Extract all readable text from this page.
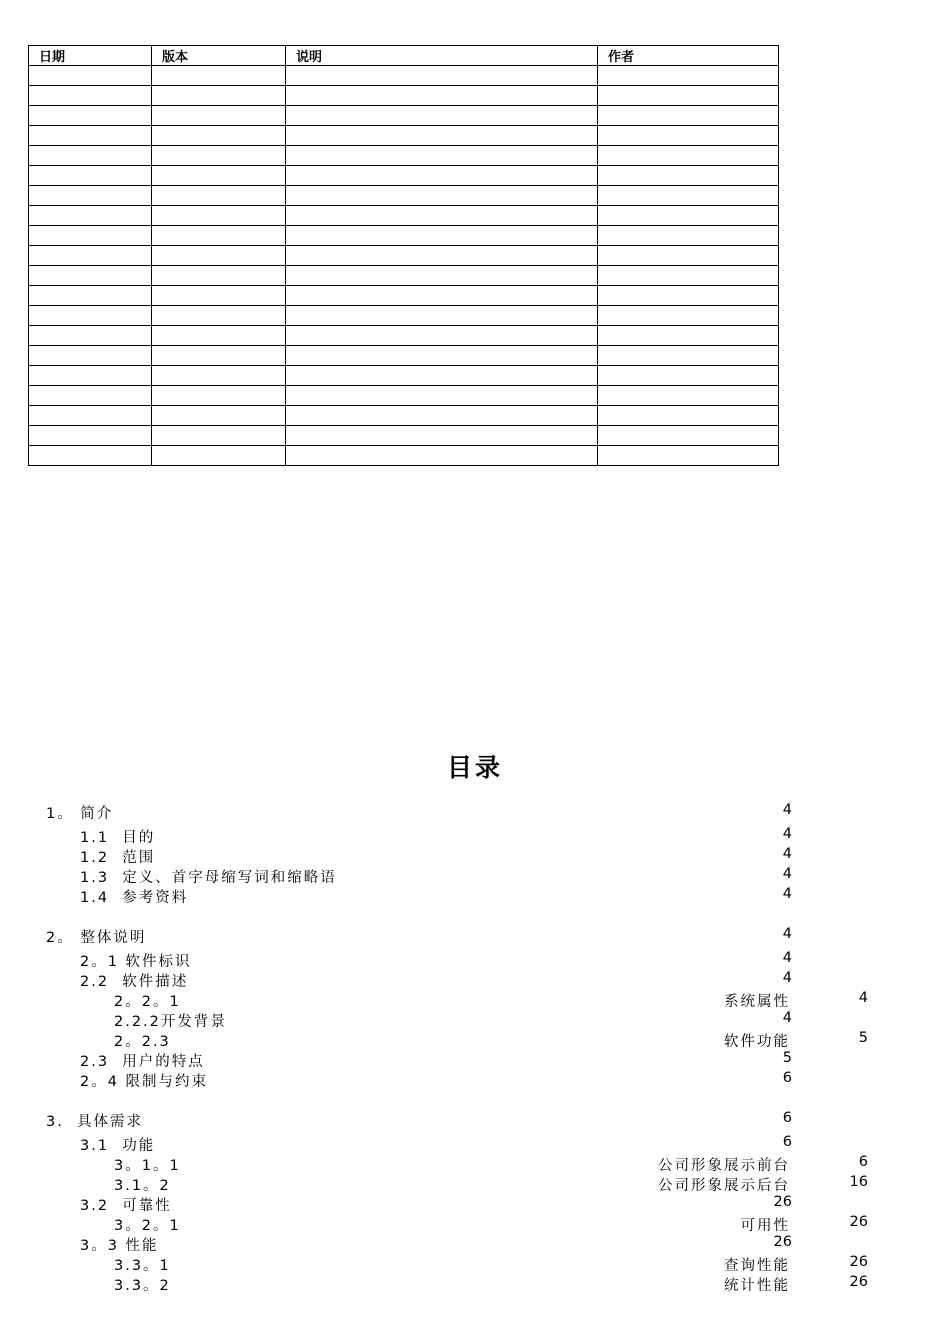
日期	版本	说明	作者

目录
1。 简介	4
1.1  目的	4
1.2  范围	4
1.3  定义、首字母缩写词和缩略语	4
1.4  参考资料	4
2。 整体说明	4
2。1 软件标识	4
2.2  软件描述	4
2。2。1	系统属性	4
2.2.2开发背景	4
2。2.3	软件功能	5
2.3  用户的特点	5
2。4 限制与约束	6
3.  具体需求	6
3.1  功能	6
3。1。1	公司形象展示前台	6
3.1。2	公司形象展示后台	16
3.2  可靠性	26
3。2。1	可用性	26
3。3 性能	26
3.3。1	查询性能	26
3.3。2	统计性能	26
